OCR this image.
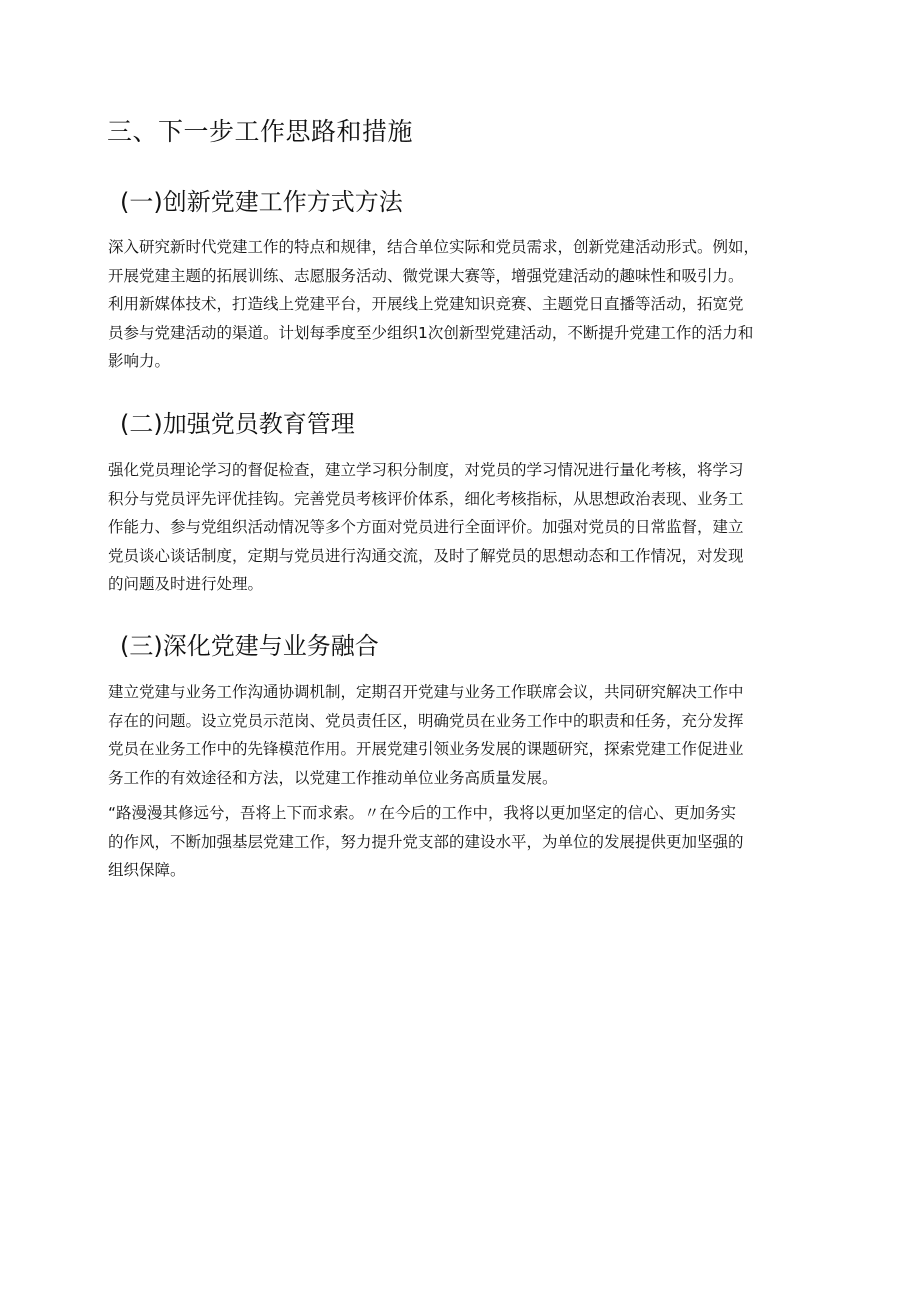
三、下一步工作思路和措施
(一)创新党建工作方式方法
深入研究新时代党建工作的特点和规律，结合单位实际和党员需求，创新党建活动形式。例如，
开展党建主题的拓展训练、志愿服务活动、微党课大赛等，增强党建活动的趣味性和吸引力。
利用新媒体技术，打造线上党建平台，开展线上党建知识竞赛、主题党日直播等活动，拓宽党
员参与党建活动的渠道。计划每季度至少组织1次创新型党建活动，不断提升党建工作的活力和
影响力。
(二)加强党员教育管理
强化党员理论学习的督促检查，建立学习积分制度，对党员的学习情况进行量化考核，将学习
积分与党员评先评优挂钩。完善党员考核评价体系，细化考核指标，从思想政治表现、业务工
作能力、参与党组织活动情况等多个方面对党员进行全面评价。加强对党员的日常监督，建立
党员谈心谈话制度，定期与党员进行沟通交流，及时了解党员的思想动态和工作情况，对发现
的问题及时进行处理。
(三)深化党建与业务融合
建立党建与业务工作沟通协调机制，定期召开党建与业务工作联席会议，共同研究解决工作中
存在的问题。设立党员示范岗、党员责任区，明确党员在业务工作中的职责和任务，充分发挥
党员在业务工作中的先锋模范作用。开展党建引领业务发展的课题研究，探索党建工作促进业
务工作的有效途径和方法，以党建工作推动单位业务高质量发展。
“路漫漫其修远兮，吾将上下而求索。〃在今后的工作中，我将以更加坚定的信心、更加务实
的作风，不断加强基层党建工作，努力提升党支部的建设水平，为单位的发展提供更加坚强的
组织保障。
